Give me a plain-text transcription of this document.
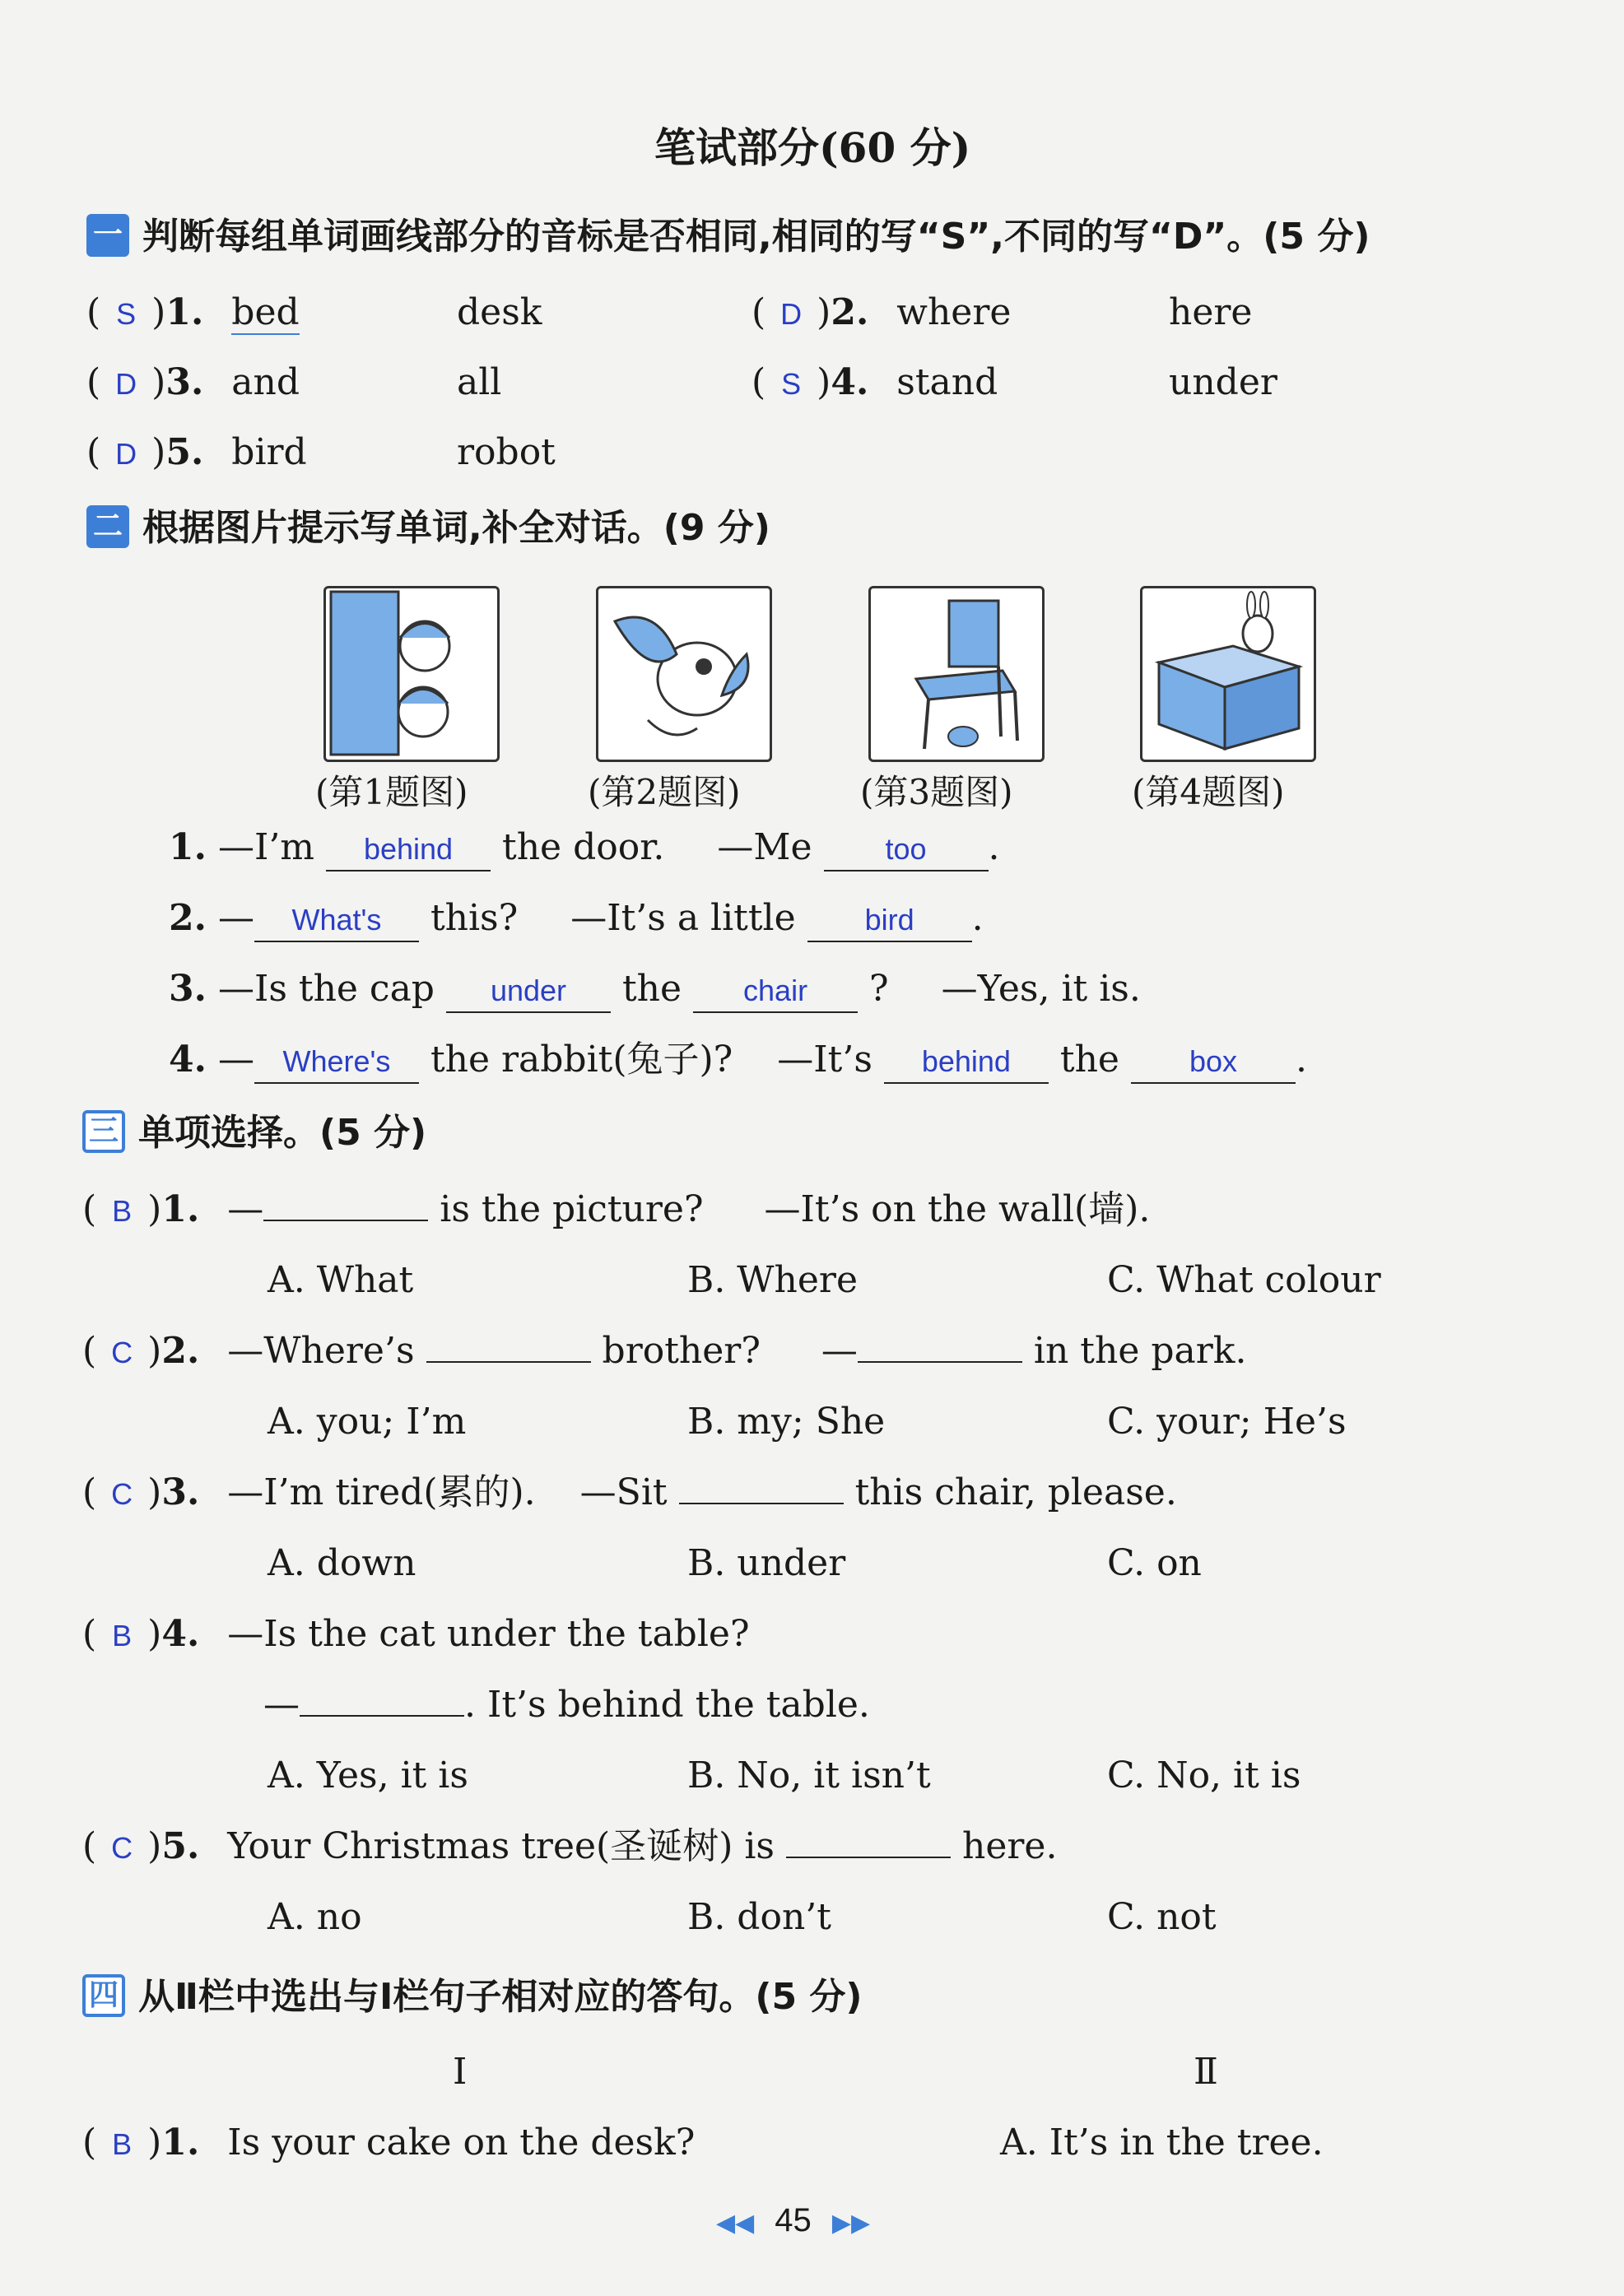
笔试部分(60 分)
一 判断每组单词画线部分的音标是否相同,相同的写“S”,不同的写“D”。(5 分)
( S )1. bed	desk	( D )2. where	here
( D )3. and	all	( S )4. stand	under
( D )5. bird	robot
二 根据图片提示写单词,补全对话。(9 分)
(第1题图)	(第2题图)	(第3题图)	(第4题图)
1. —I’m behind the door. —Me too .
2. — What's this? —It’s a little bird .
3. —Is the cap under the chair ? —Yes, it is.
4. — Where's the rabbit(兔子)? —It’s behind the box .
三 单项选择。(5 分)
( B )1. —	is the picture? —It’s on the wall(墙).
A. What	B. Where	C. What colour
( C )2. —Where’s	brother? —	in the park.
A. you; I’m	B. my; She	C. your; He’s
( C )3. —I’m tired(累的). —Sit	this chair, please.
A. down	B. under	C. on
( B )4. —Is the cat under the table?
—	. It’s behind the table.
A. Yes, it is	B. No, it isn’t	C. No, it is
( C )5. Your Christmas tree(圣诞树) is	here.
A. no	B. don’t	C. not
四 从Ⅱ栏中选出与Ⅰ栏句子相对应的答句。(5 分)
Ⅰ	Ⅱ
( B )1. Is your cake on the desk?	A. It’s in the tree.
◀◀ 45 ▶▶
